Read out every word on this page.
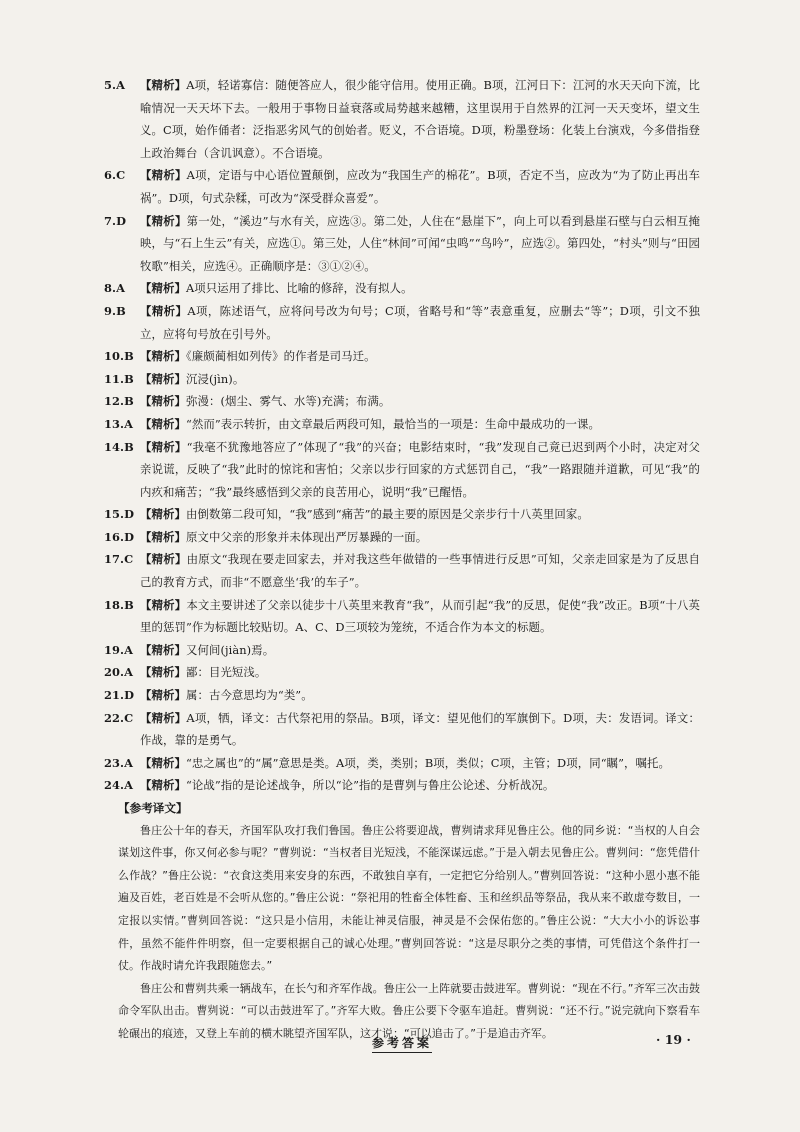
5.A	【精析】A项，轻诺寡信：随便答应人，很少能守信用。使用正确。B项，江河日下：江河的水天天向下流，比喻情况一天天坏下去。一般用于事物日益衰落或局势越来越糟，这里误用于自然界的江河一天天变坏，望文生义。C项，始作俑者：泛指恶劣风气的创始者。贬义，不合语境。D项，粉墨登场：化装上台演戏，今多借指登上政治舞台（含讥讽意）。不合语境。
6.C	【精析】A项，定语与中心语位置颠倒，应改为“我国生产的棉花”。B项，否定不当，应改为“为了防止再出车祸”。D项，句式杂糅，可改为“深受群众喜爱”。
7.D	【精析】第一处，“溪边”与水有关，应选③。第二处，人住在“悬崖下”，向上可以看到悬崖石壁与白云相互掩映，与“石上生云”有关，应选①。第三处，人住“林间”可闻“虫鸣”“鸟吟”，应选②。第四处，“村头”则与“田园牧歌”相关，应选④。正确顺序是：③①②④。
8.A	【精析】A项只运用了排比、比喻的修辞，没有拟人。
9.B	【精析】A项，陈述语气，应将问号改为句号；C项，省略号和“等”表意重复，应删去“等”；D项，引文不独立，应将句号放在引号外。
10.B 【精析】《廉颇蔺相如列传》的作者是司马迁。
11.B 【精析】沉浸(jìn)。
12.B 【精析】弥漫：(烟尘、雾气、水等)充满；布满。
13.A 【精析】“然而”表示转折，由文章最后两段可知，最恰当的一项是：生命中最成功的一课。
14.B 【精析】“我毫不犹豫地答应了”体现了“我”的兴奋；电影结束时，“我”发现自己竟已迟到两个小时，决定对父亲说谎，反映了“我”此时的惊诧和害怕；父亲以步行回家的方式惩罚自己，“我”一路跟随并道歉，可见“我”的内疚和痛苦；“我”最终感悟到父亲的良苦用心，说明“我”已醒悟。
15.D 【精析】由倒数第二段可知，“我”感到“痛苦”的最主要的原因是父亲步行十八英里回家。
16.D 【精析】原文中父亲的形象并未体现出严厉暴躁的一面。
17.C 【精析】由原文“我现在要走回家去，并对我这些年做错的一些事情进行反思”可知，父亲走回家是为了反思自己的教育方式，而非“不愿意坐‘我’的车子”。
18.B 【精析】本文主要讲述了父亲以徒步十八英里来教育“我”，从而引起“我”的反思，促使“我”改正。B项“十八英里的惩罚”作为标题比较贴切。A、C、D三项较为笼统，不适合作为本文的标题。
19.A 【精析】又何间(jiàn)焉。
20.A 【精析】鄙：目光短浅。
21.D 【精析】属：古今意思均为“类”。
22.C 【精析】A项，牺，译文：古代祭祀用的祭品。B项，译文：望见他们的军旗倒下。D项，夫：发语词。译文：作战，靠的是勇气。
23.A 【精析】“忠之属也”的“属”意思是类。A项，类，类别；B项，类似；C项，主管；D项，同“瞩”，嘱托。
24.A 【精析】“论战”指的是论述战争，所以“论”指的是曹刿与鲁庄公论述、分析战况。
【参考译文】
鲁庄公十年的春天，齐国军队攻打我们鲁国。鲁庄公将要迎战，曹刿请求拜见鲁庄公。他的同乡说：“当权的人自会谋划这件事，你又何必参与呢？”曹刿说：“当权者目光短浅，不能深谋远虑。”于是入朝去见鲁庄公。曹刿问：“您凭借什么作战？”鲁庄公说：“衣食这类用来安身的东西，不敢独自享有，一定把它分给别人。”曹刿回答说：“这种小恩小惠不能遍及百姓，老百姓是不会听从您的。”鲁庄公说：“祭祀用的牲畜全体牲畜、玉和丝织品等祭品，我从来不敢虚夸数目，一定报以实情。”曹刿回答说：“这只是小信用，未能让神灵信服，神灵是不会保佑您的。”鲁庄公说：“大大小小的诉讼事件，虽然不能件件明察，但一定要根据自己的诚心处理。”曹刿回答说：“这是尽职分之类的事情，可凭借这个条件打一仗。作战时请允许我跟随您去。”
鲁庄公和曹刿共乘一辆战车，在长勺和齐军作战。鲁庄公一上阵就要击鼓进军。曹刿说：“现在不行。”齐军三次击鼓命令军队出击。曹刿说：“可以击鼓进军了。”齐军大败。鲁庄公要下令驱车追赶。曹刿说：“还不行。”说完就向下察看车轮碾出的痕迹，又登上车前的横木眺望齐国军队，这才说：“可以追击了。”于是追击齐军。
参考答案	· 19 ·
